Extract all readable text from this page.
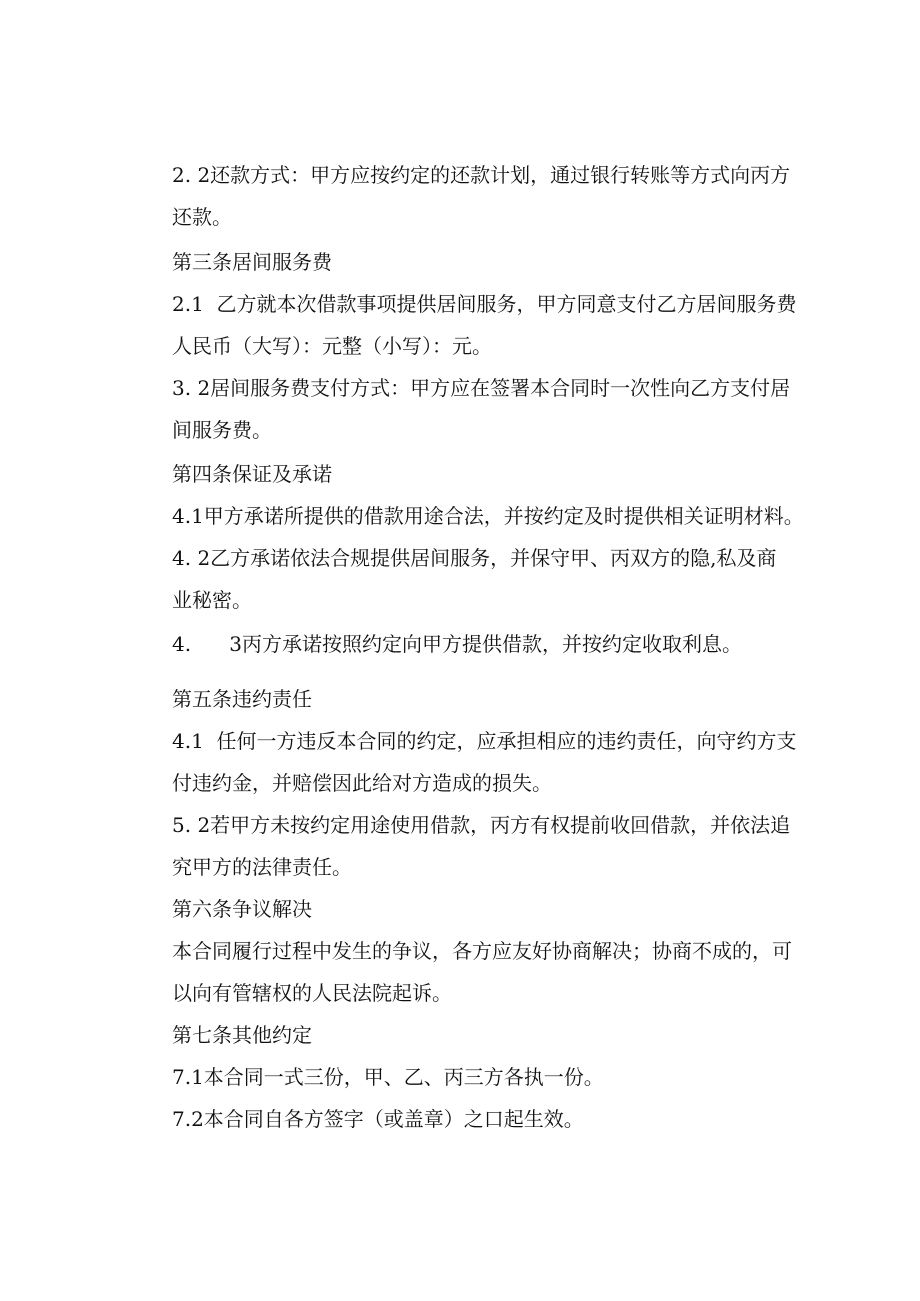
2. 2还款方式：甲方应按约定的还款计划，通过银行转账等方式向丙方
还款。
第三条居间服务费
2.1  乙方就本次借款事项提供居间服务，甲方同意支付乙方居间服务费
人民币（大写）：元整（小写）：元。
3. 2居间服务费支付方式：甲方应在签署本合同时一次性向乙方支付居
间服务费。
第四条保证及承诺
4.1甲方承诺所提供的借款用途合法，并按约定及时提供相关证明材料。
4. 2乙方承诺依法合规提供居间服务，并保守甲、丙双方的隐,私及商
业秘密。
4.      3丙方承诺按照约定向甲方提供借款，并按约定收取利息。
第五条违约责任
4.1  任何一方违反本合同的约定，应承担相应的违约责任，向守约方支
付违约金，并赔偿因此给对方造成的损失。
5. 2若甲方未按约定用途使用借款，丙方有权提前收回借款，并依法追
究甲方的法律责任。
第六条争议解决
本合同履行过程中发生的争议，各方应友好协商解决；协商不成的，可
以向有管辖权的人民法院起诉。
第七条其他约定
7.1本合同一式三份，甲、乙、丙三方各执一份。
7.2本合同自各方签字（或盖章）之口起生效。
